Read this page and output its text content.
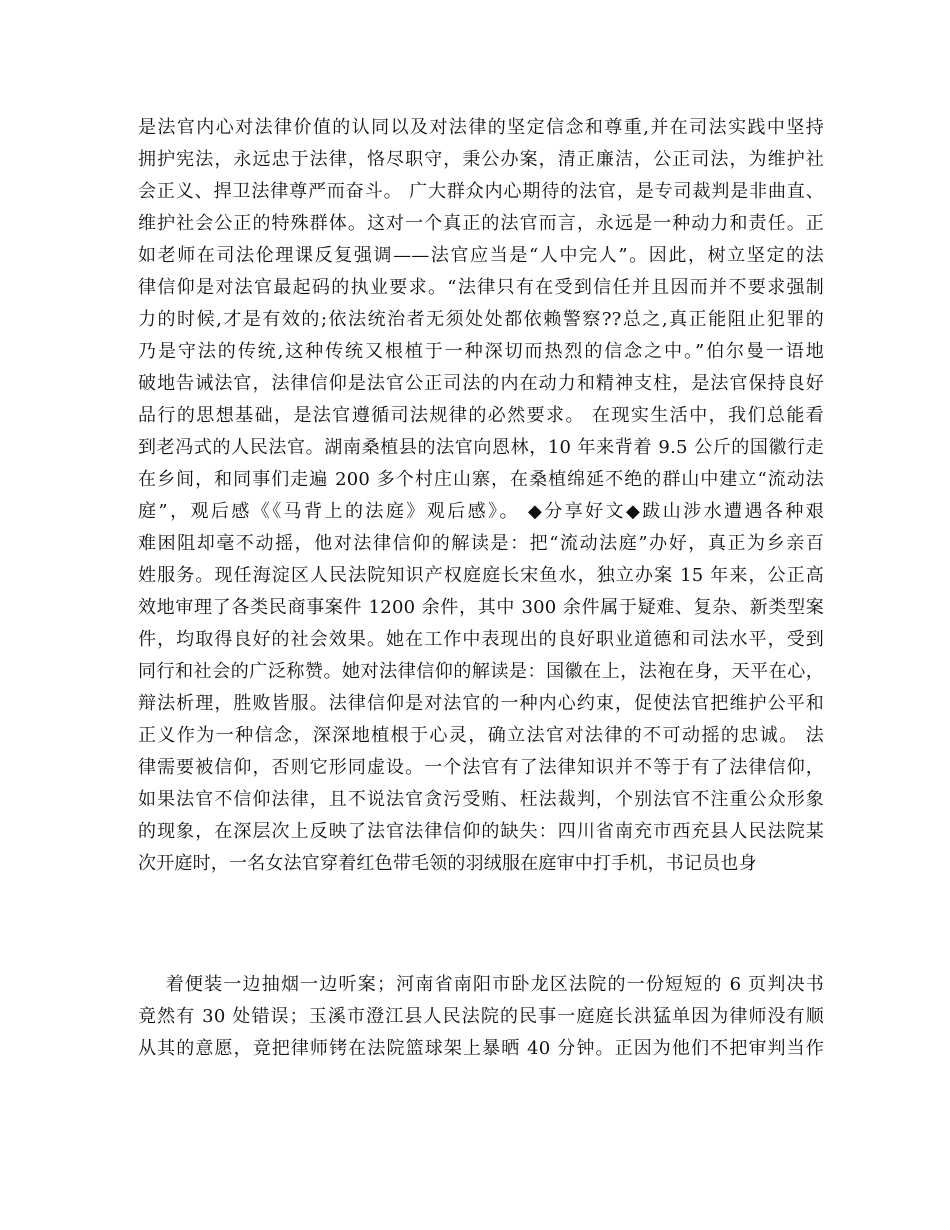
是法官内心对法律价值的认同以及对法律的坚定信念和尊重,并在司法实践中坚持
拥护宪法，永远忠于法律，恪尽职守，秉公办案，清正廉洁，公正司法，为维护社
会正义、捍卫法律尊严而奋斗。 广大群众内心期待的法官，是专司裁判是非曲直、
维护社会公正的特殊群体。这对一个真正的法官而言，永远是一种动力和责任。正
如老师在司法伦理课反复强调——法官应当是“人中完人”。因此，树立坚定的法
律信仰是对法官最起码的执业要求。“法律只有在受到信任并且因而并不要求强制
力的时候,才是有效的;依法统治者无须处处都依赖警察??总之,真正能阻止犯罪的
乃是守法的传统,这种传统又根植于一种深切而热烈的信念之中。”伯尔曼一语地
破地告诫法官，法律信仰是法官公正司法的内在动力和精神支柱，是法官保持良好
品行的思想基础，是法官遵循司法规律的必然要求。 在现实生活中，我们总能看
到老冯式的人民法官。湖南桑植县的法官向恩林，10 年来背着 9.5 公斤的国徽行走
在乡间，和同事们走遍 200 多个村庄山寨，在桑植绵延不绝的群山中建立“流动法
庭”，观后感《《马背上的法庭》观后感》。 ◆分享好文◆跋山涉水遭遇各种艰
难困阻却毫不动摇，他对法律信仰的解读是：把“流动法庭”办好，真正为乡亲百
姓服务。现任海淀区人民法院知识产权庭庭长宋鱼水，独立办案 15 年来，公正高
效地审理了各类民商事案件 1200 余件，其中 300 余件属于疑难、复杂、新类型案
件，均取得良好的社会效果。她在工作中表现出的良好职业道德和司法水平，受到
同行和社会的广泛称赞。她对法律信仰的解读是：国徽在上，法袍在身，天平在心，
辩法析理，胜败皆服。法律信仰是对法官的一种内心约束，促使法官把维护公平和
正义作为一种信念，深深地植根于心灵，确立法官对法律的不可动摇的忠诚。 法
律需要被信仰，否则它形同虚设。一个法官有了法律知识并不等于有了法律信仰，
如果法官不信仰法律，且不说法官贪污受贿、枉法裁判，个别法官不注重公众形象
的现象，在深层次上反映了法官法律信仰的缺失：四川省南充市西充县人民法院某
次开庭时，一名女法官穿着红色带毛领的羽绒服在庭审中打手机，书记员也身
着便装一边抽烟一边听案；河南省南阳市卧龙区法院的一份短短的 6 页判决书
竟然有 30 处错误；玉溪市澄江县人民法院的民事一庭庭长洪猛单因为律师没有顺
从其的意愿，竟把律师铐在法院篮球架上暴晒 40 分钟。正因为他们不把审判当作
